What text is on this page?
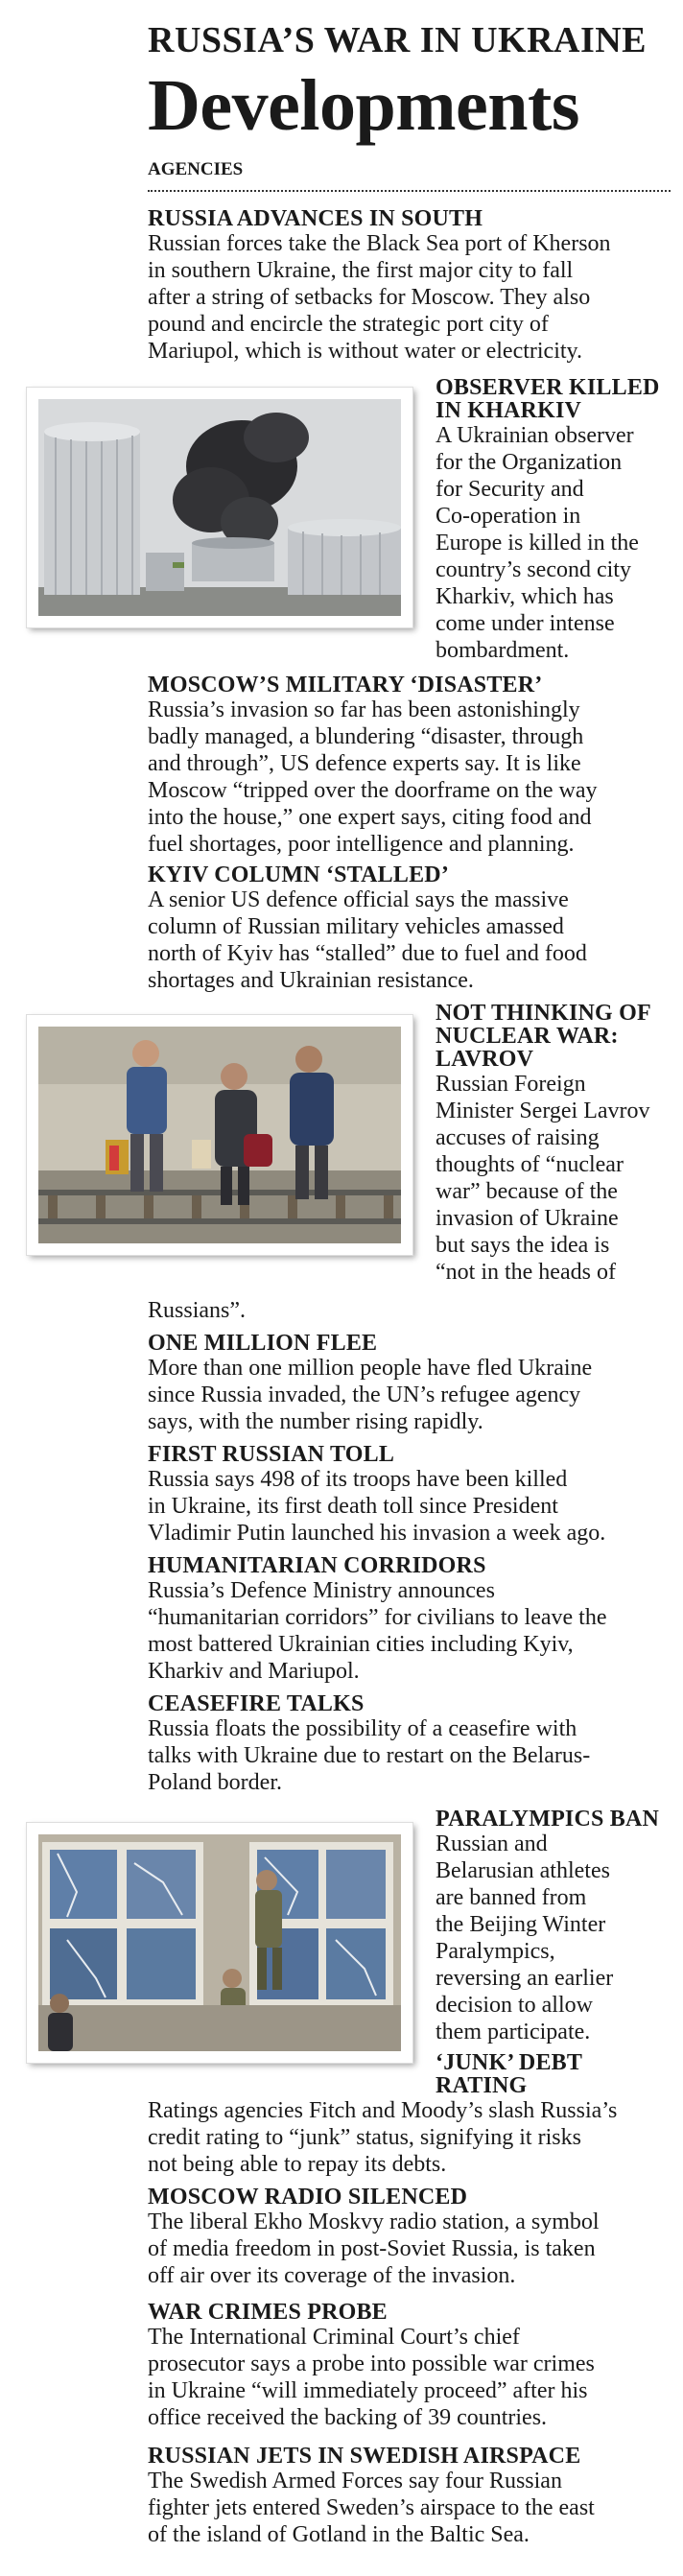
RUSSIA’S WAR IN UKRAINE
Developments
AGENCIES
RUSSIA ADVANCES IN SOUTH

Russian forces take the Black Sea port of Kherson
in southern Ukraine, the first major city to fall
after a string of setbacks for Moscow. They also
pound and encircle the strategic port city of
Mariupol, which is without water or electricity.

OBSERVER KILLED
IN KHARKIV

A Ukrainian observer
for the Organization
for Security and
Co-operation in
Europe is killed in the
country’s second city
Kharkiv, which has
come under intense
bombardment.

MOSCOW’S MILITARY ‘DISASTER’

Russia’s invasion so far has been astonishingly
badly managed, a blundering “disaster, through
and through”, US defence experts say. It is like
Moscow “tripped over the doorframe on the way
into the house,” one expert says, citing food and
fuel shortages, poor intelligence and planning.

KYIV COLUMN ‘STALLED’

A senior US defence official says the massive
column of Russian military vehicles amassed
north of Kyiv has “stalled” due to fuel and food
shortages and Ukrainian resistance.

NOT THINKING OF
NUCLEAR WAR:
LAVROV

Russian Foreign
Minister Sergei Lavrov
accuses of raising
thoughts of “nuclear
war” because of the
invasion of Ukraine
but says the idea is
“not in the heads of

Russians”.

ONE MILLION FLEE

More than one million people have fled Ukraine
since Russia invaded, the UN’s refugee agency
says, with the number rising rapidly.

FIRST RUSSIAN TOLL

Russia says 498 of its troops have been killed
in Ukraine, its first death toll since President
Vladimir Putin launched his invasion a week ago.

HUMANITARIAN CORRIDORS

Russia’s Defence Ministry announces
“humanitarian corridors” for civilians to leave the
most battered Ukrainian cities including Kyiv,
Kharkiv and Mariupol.

CEASEFIRE TALKS

Russia floats the possibility of a ceasefire with
talks with Ukraine due to restart on the Belarus-
Poland border.

PARALYMPICS BAN

Russian and
Belarusian athletes
are banned from
the Beijing Winter
Paralympics,
reversing an earlier
decision to allow
them participate.

‘JUNK’ DEBT
RATING

Ratings agencies Fitch and Moody’s slash Russia’s
credit rating to “junk” status, signifying it risks
not being able to repay its debts.

MOSCOW RADIO SILENCED

The liberal Ekho Moskvy radio station, a symbol
of media freedom in post-Soviet Russia, is taken
off air over its coverage of the invasion.

WAR CRIMES PROBE

The International Criminal Court’s chief
prosecutor says a probe into possible war crimes
in Ukraine “will immediately proceed” after his
office received the backing of 39 countries.

RUSSIAN JETS IN SWEDISH AIRSPACE

The Swedish Armed Forces say four Russian
fighter jets entered Sweden’s airspace to the east
of the island of Gotland in the Baltic Sea.
